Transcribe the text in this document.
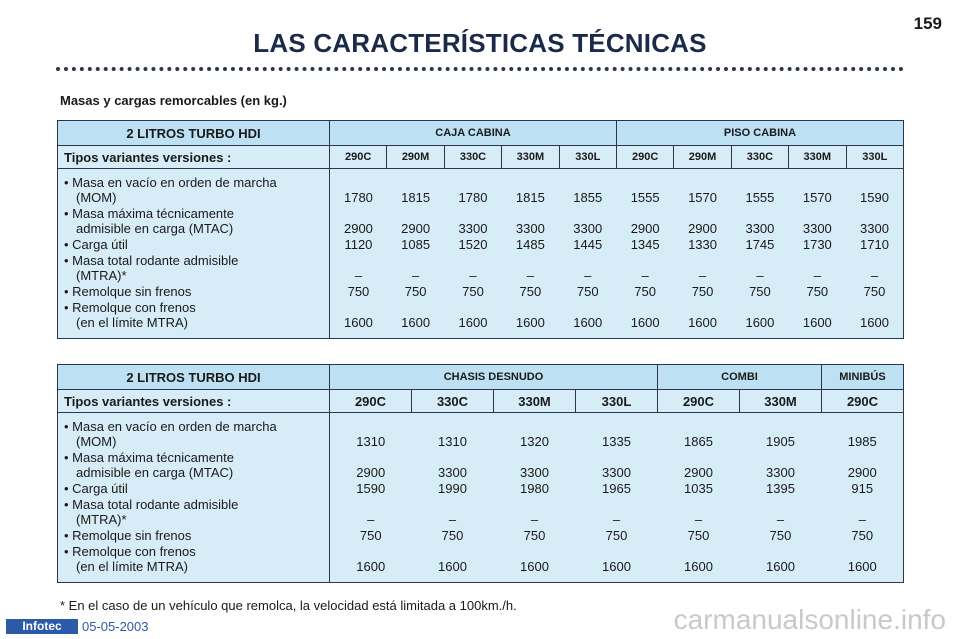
LAS CARACTERÍSTICAS TÉCNICAS
159
Masas y cargas remorcables (en kg.)
2 LITROS TURBO HDI	CAJA CABINA					PISO CABINA				
Tipos variantes versiones :	290C	290M	330C	330M	330L	290C	290M	330C	330M	330L

• Masa en vacío en orden de marcha
(MOM)	1780	1815	1780	1815	1855	1555	1570	1555	1570	1590

• Masa máxima técnicamente
admisible en carga (MTAC)	2900	2900	3300	3300	3300	2900	2900	3300	3300	3300

• Carga útil	1120	1085	1520	1485	1445	1345	1330	1745	1730	1710

• Masa total rodante admisible
(MTRA)*	–	–	–	–	–	–	–	–	–	–

• Remolque sin frenos	750	750	750	750	750	750	750	750	750	750

• Remolque con frenos
(en el límite MTRA)	1600	1600	1600	1600	1600	1600	1600	1600	1600	1600
2 LITROS TURBO HDI	CHASIS DESNUDO				COMBI		MINIBÚS
Tipos variantes versiones :	290C	330C	330M	330L	290C	330M	290C

• Masa en vacío en orden de marcha
(MOM)	1310	1310	1320	1335	1865	1905	1985

• Masa máxima técnicamente
admisible en carga (MTAC)	2900	3300	3300	3300	2900	3300	2900

• Carga útil	1590	1990	1980	1965	1035	1395	915

• Masa total rodante admisible
(MTRA)*	–	–	–	–	–	–	–

• Remolque sin frenos	750	750	750	750	750	750	750

• Remolque con frenos
(en el límite MTRA)	1600	1600	1600	1600	1600	1600	1600
* En el caso de un vehículo que remolca, la velocidad está limitada a 100km./h.
Infotec	05-05-2003	carmanualsonline.info
